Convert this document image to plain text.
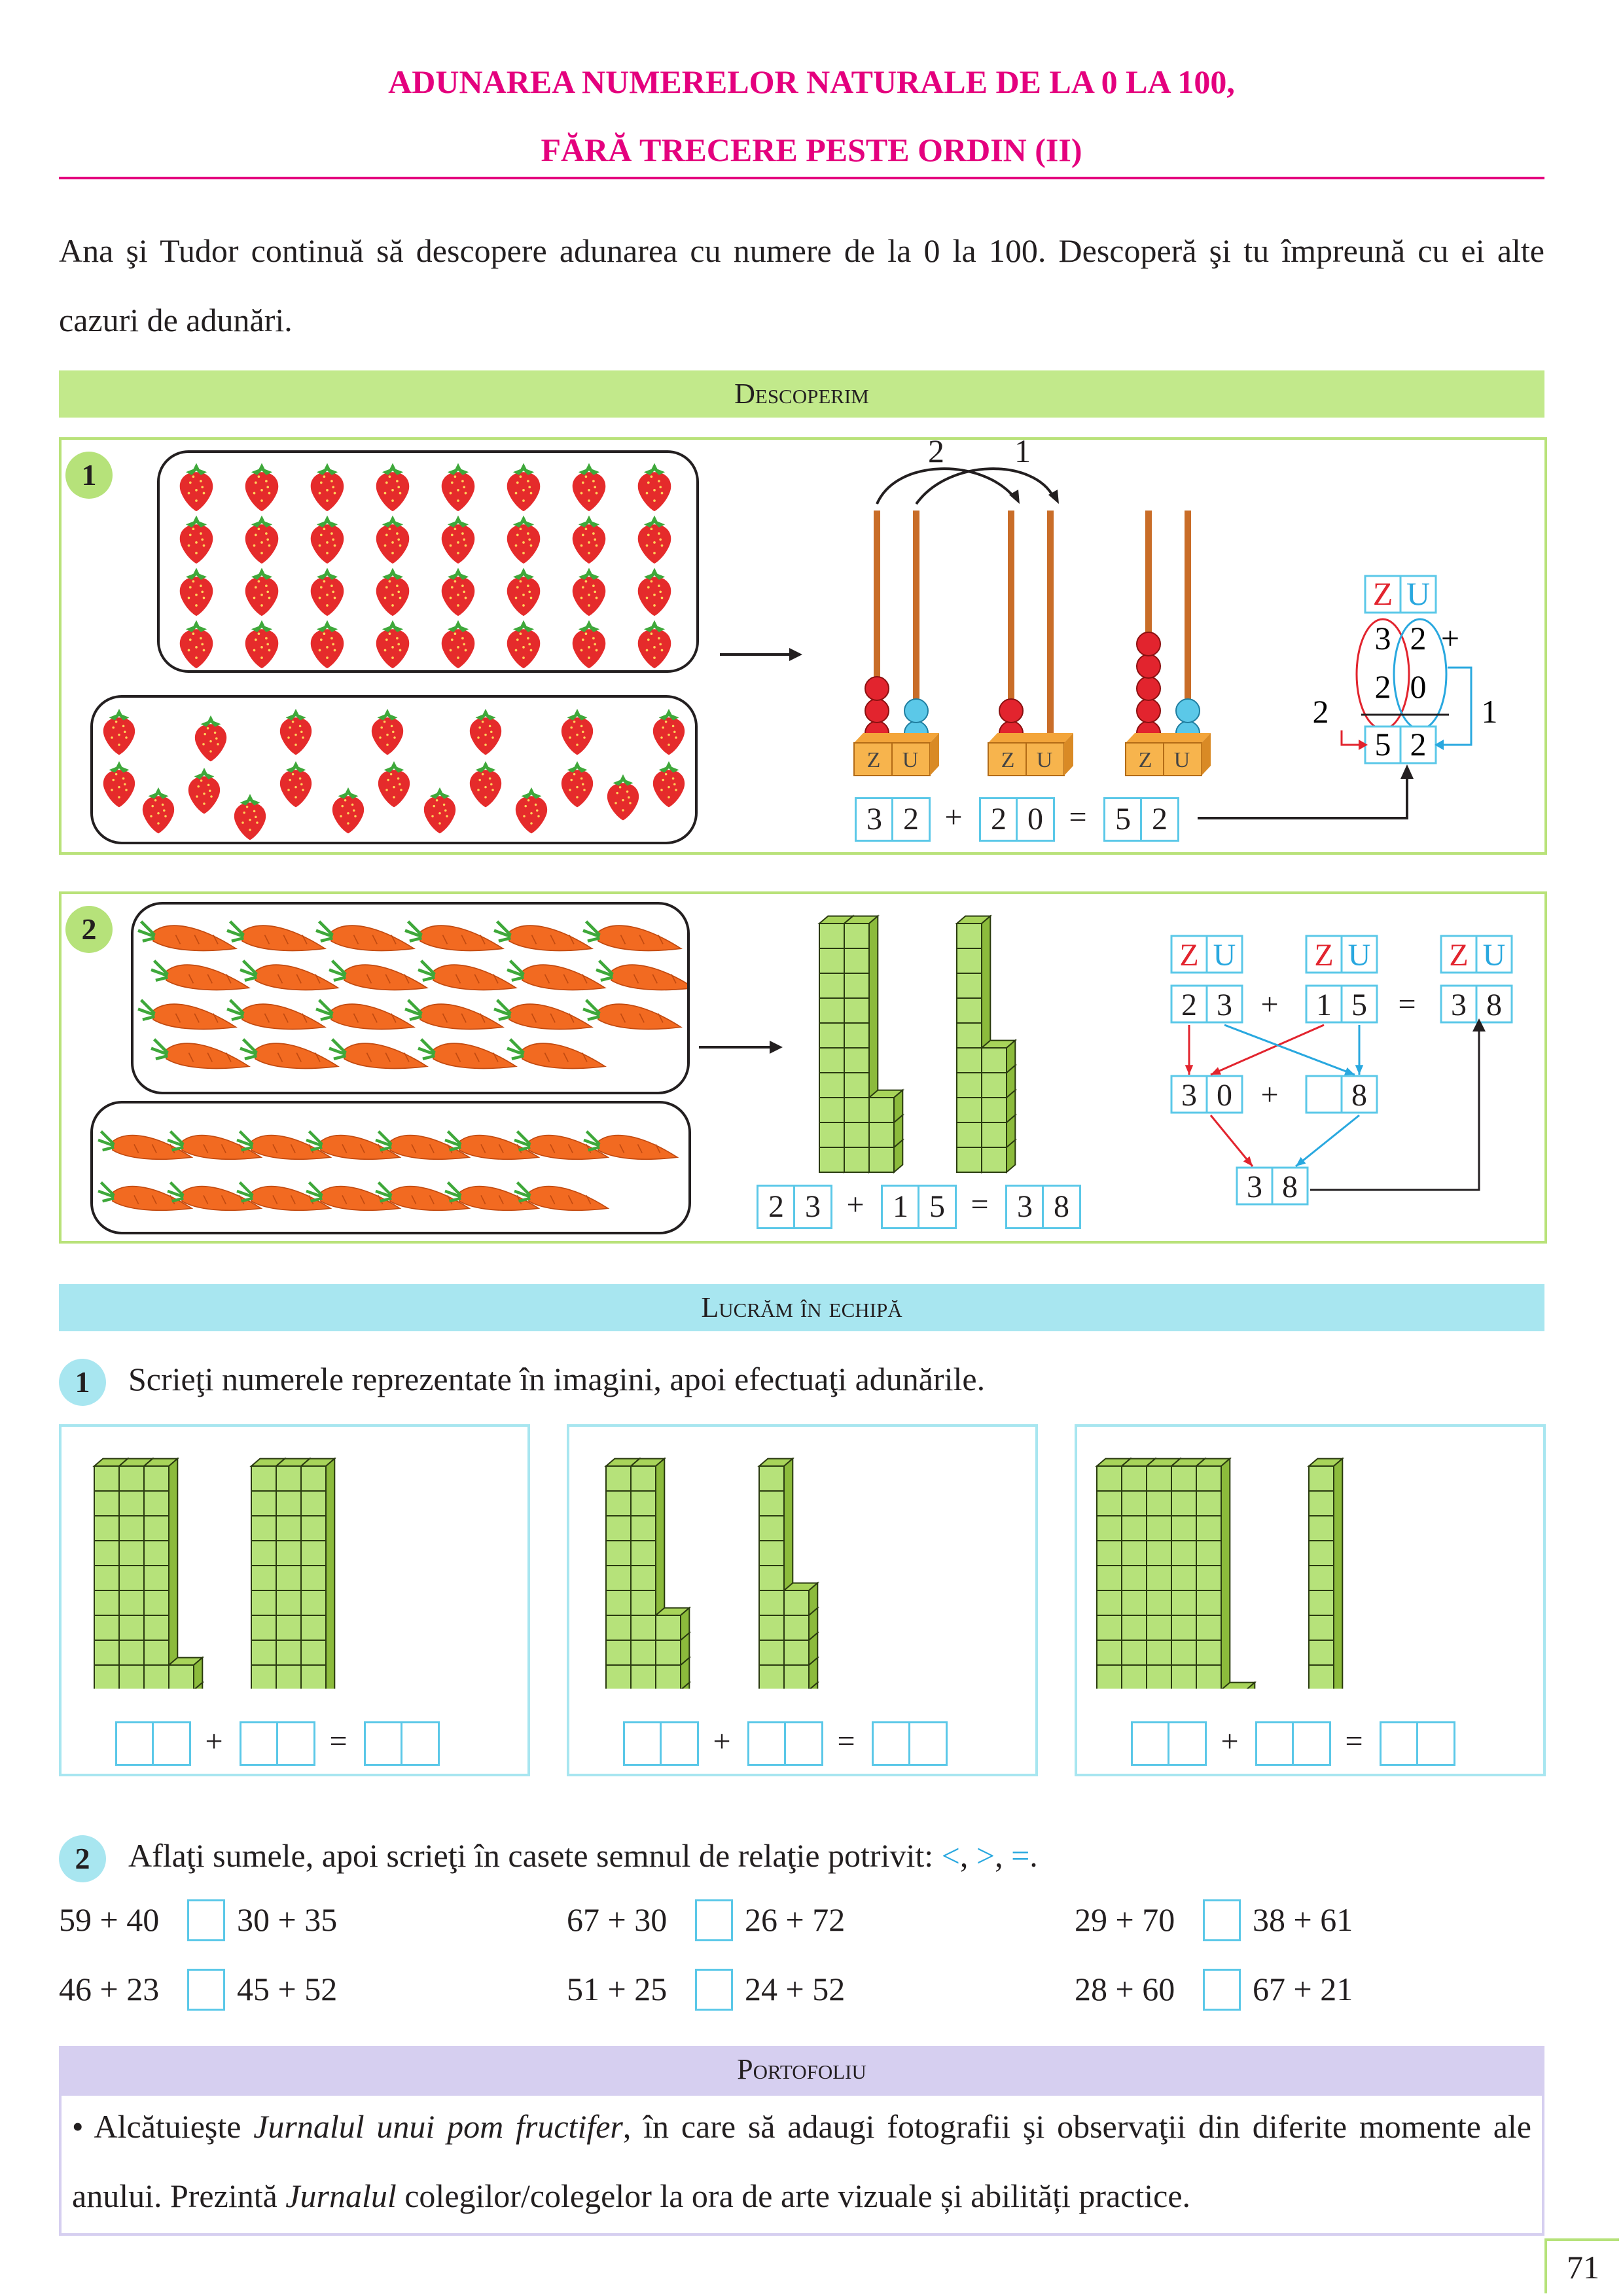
ADUNAREA NUMERELOR NATURALE DE LA 0 LA 100,
FĂRĂ TRECERE PESTE ORDIN (II)
Ana şi Tudor continuă să descopere adunarea cu numere de la 0 la 100. Descoperă şi tu împreună cu ei alte cazuri de adunări.
Descoperim
1
2 1
Z U	Z U	Z U
Z U
3 2 +
2 0
5 2
2	1
3 2 + 2 0 = 5 2
2
2 3 + 1 5 = 3 8
Z U	Z U	Z U
2 3 + 1 5 = 3 8
3 0 + 8
3 8
Lucrăm în echipă
1	Scrieţi numerele reprezentate în imagini, apoi efectuaţi adunările.
+	=	+	=	+	=
2	Aflaţi sumele, apoi scrieţi în casete semnul de relaţie potrivit: <, >, =.
59 + 40 30 + 35	67 + 30 26 + 72	29 + 70 38 + 61
46 + 23 45 + 52	51 + 25 24 + 52	28 + 60 67 + 21
Portofoliu
• Alcătuieşte Jurnalul unui pom fructifer, în care să adaugi fotografii şi observaţii din diferite momente ale anului. Prezintă Jurnalul colegilor/colegelor la ora de arte vizuale și abilități practice.
71
